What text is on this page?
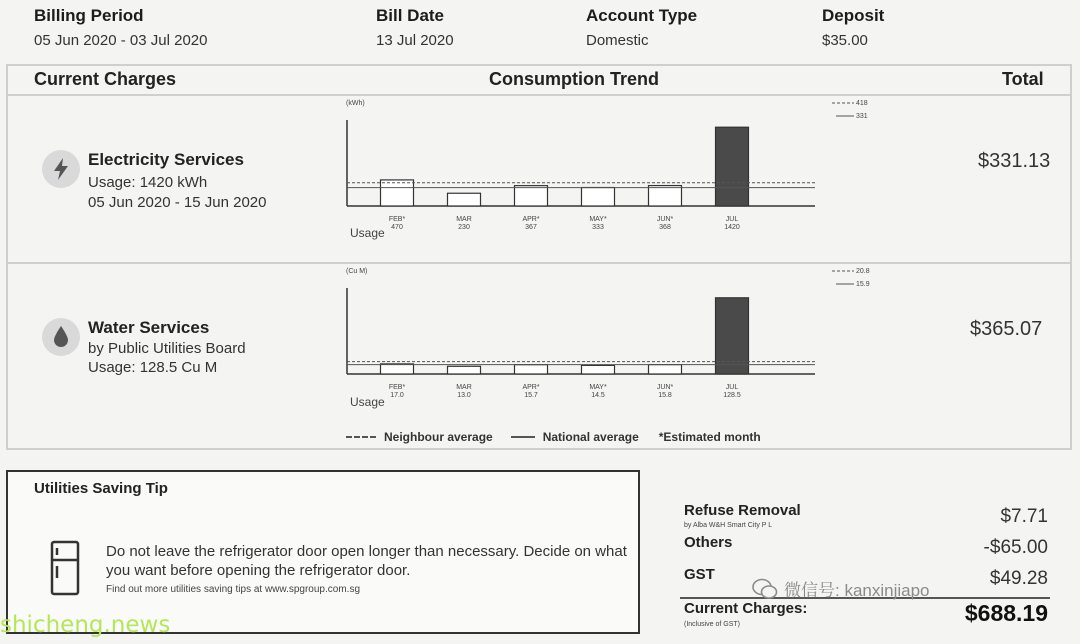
Billing Period
05 Jun 2020 - 03 Jul 2020
Bill Date
13 Jul 2020
Account Type
Domestic
Deposit
$35.00
Current Charges	Consumption Trend	Total
Electricity Services
Usage: 1420 kWh
05 Jun 2020 - 15 Jun 2020
$331.13
(kWh)
FEB*
470
MAR
230
APR*
367
MAY*
333
JUN*
368
JUL
1420
418
331
Usage
Water Services
by Public Utilities Board
Usage: 128.5 Cu M
$365.07
(Cu M)
FEB*
17.0
MAR
13.0
APR*
15.7
MAY*
14.5
JUN*
15.8
JUL
128.5
20.8
15.9
Usage
Neighbour average	National average *Estimated month
Utilities Saving Tip
Do not leave the refrigerator door open longer than necessary. Decide on what you want before opening the refrigerator door.
Find out more utilities saving tips at www.spgroup.com.sg
Refuse Removal
by Alba W&H Smart City P L	$7.71
Others	-$65.00
GST	$49.28
Current Charges:
(Inclusive of GST)	$688.19
微信号: kanxinjiapo
shicheng.news
